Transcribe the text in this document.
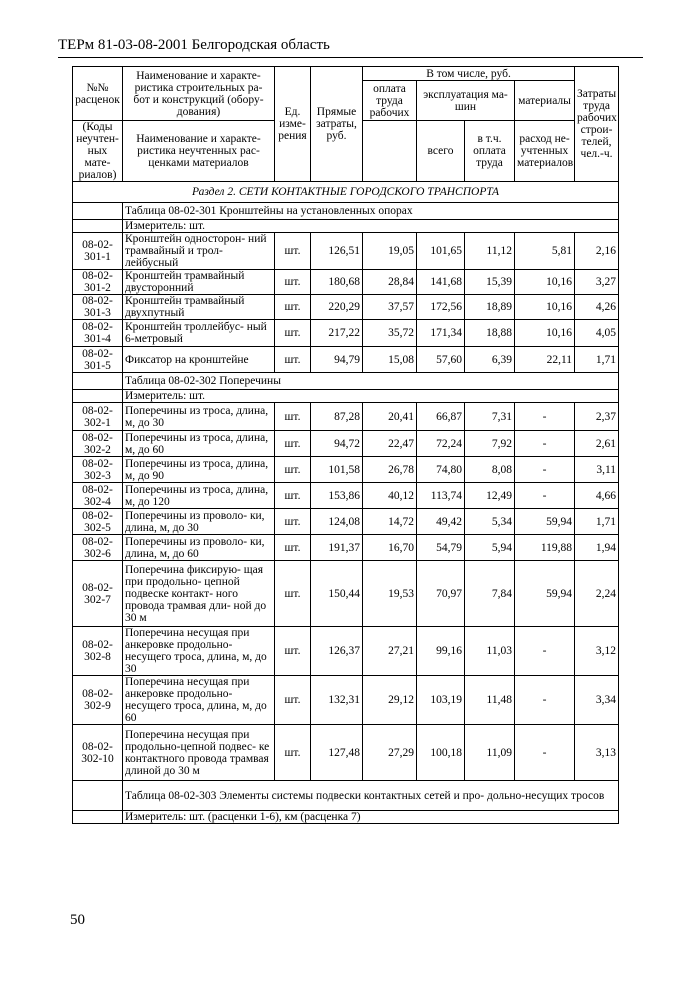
ТЕРм 81-03-08-2001 Белгородская область
№№ расценок	Наименование и характе- ристика строительных ра- бот и конструкций (обору- дования)	Ед. изме- рения	Прямые затраты, руб.	В том числе, руб.				Затраты труда рабочих строи- телей, чел.-ч.
				оплата труда рабочих	эксплуатация ма- шин		материалы	

(Коды неучтен- ных мате- риалов)	Наименование и характе- ристика неучтенных рас- ценками материалов				всего	в т.ч. оплата труда	расход не- учтенных материалов	

Раздел 2. СЕТИ КОНТАКТНЫЕ ГОРОДСКОГО ТРАНСПОРТА								
	Таблица 08-02-301 Кронштейны на установленных опорах							
	Измеритель: шт.							
08-02- 301-1	Кронштейн односторон- ний трамвайный и трол- лейбусный	шт.	126,51	19,05	101,65	11,12	5,81	2,16
08-02- 301-2	Кронштейн трамвайный двусторонний	шт.	180,68	28,84	141,68	15,39	10,16	3,27
08-02- 301-3	Кронштейн трамвайный двухпутный	шт.	220,29	37,57	172,56	18,89	10,16	4,26
08-02- 301-4	Кронштейн троллейбус- ный 6-метровый	шт.	217,22	35,72	171,34	18,88	10,16	4,05
08-02- 301-5	Фиксатор на кронштейне	шт.	94,79	15,08	57,60	6,39	22,11	1,71
	Таблица 08-02-302 Поперечины							
	Измеритель: шт.							
08-02- 302-1	Поперечины из троса, длина, м, до 30	шт.	87,28	20,41	66,87	7,31	-	2,37
08-02- 302-2	Поперечины из троса, длина, м, до 60	шт.	94,72	22,47	72,24	7,92	-	2,61
08-02- 302-3	Поперечины из троса, длина, м, до 90	шт.	101,58	26,78	74,80	8,08	-	3,11
08-02- 302-4	Поперечины из троса, длина, м, до 120	шт.	153,86	40,12	113,74	12,49	-	4,66
08-02- 302-5	Поперечины из проволо- ки, длина, м, до 30	шт.	124,08	14,72	49,42	5,34	59,94	1,71
08-02- 302-6	Поперечины из проволо- ки, длина, м, до 60	шт.	191,37	16,70	54,79	5,94	119,88	1,94
08-02- 302-7	Поперечина фиксирую- щая при продольно- цепной подвеске контакт- ного провода трамвая дли- ной до 30 м	шт.	150,44	19,53	70,97	7,84	59,94	2,24
08-02- 302-8	Поперечина несущая при анкеровке продольно- несущего троса, длина, м, до 30	шт.	126,37	27,21	99,16	11,03	-	3,12
08-02- 302-9	Поперечина несущая при анкеровке продольно- несущего троса, длина, м, до 60	шт.	132,31	29,12	103,19	11,48	-	3,34
08-02- 302-10	Поперечина несущая при продольно-цепной подвес- ке контактного провода трамвая длиной до 30 м	шт.	127,48	27,29	100,18	11,09	-	3,13
	Таблица 08-02-303 Элементы системы подвески контактных сетей и про- дольно-несущих тросов							
	Измеритель: шт. (расценки 1-6), км (расценка 7)							
50
